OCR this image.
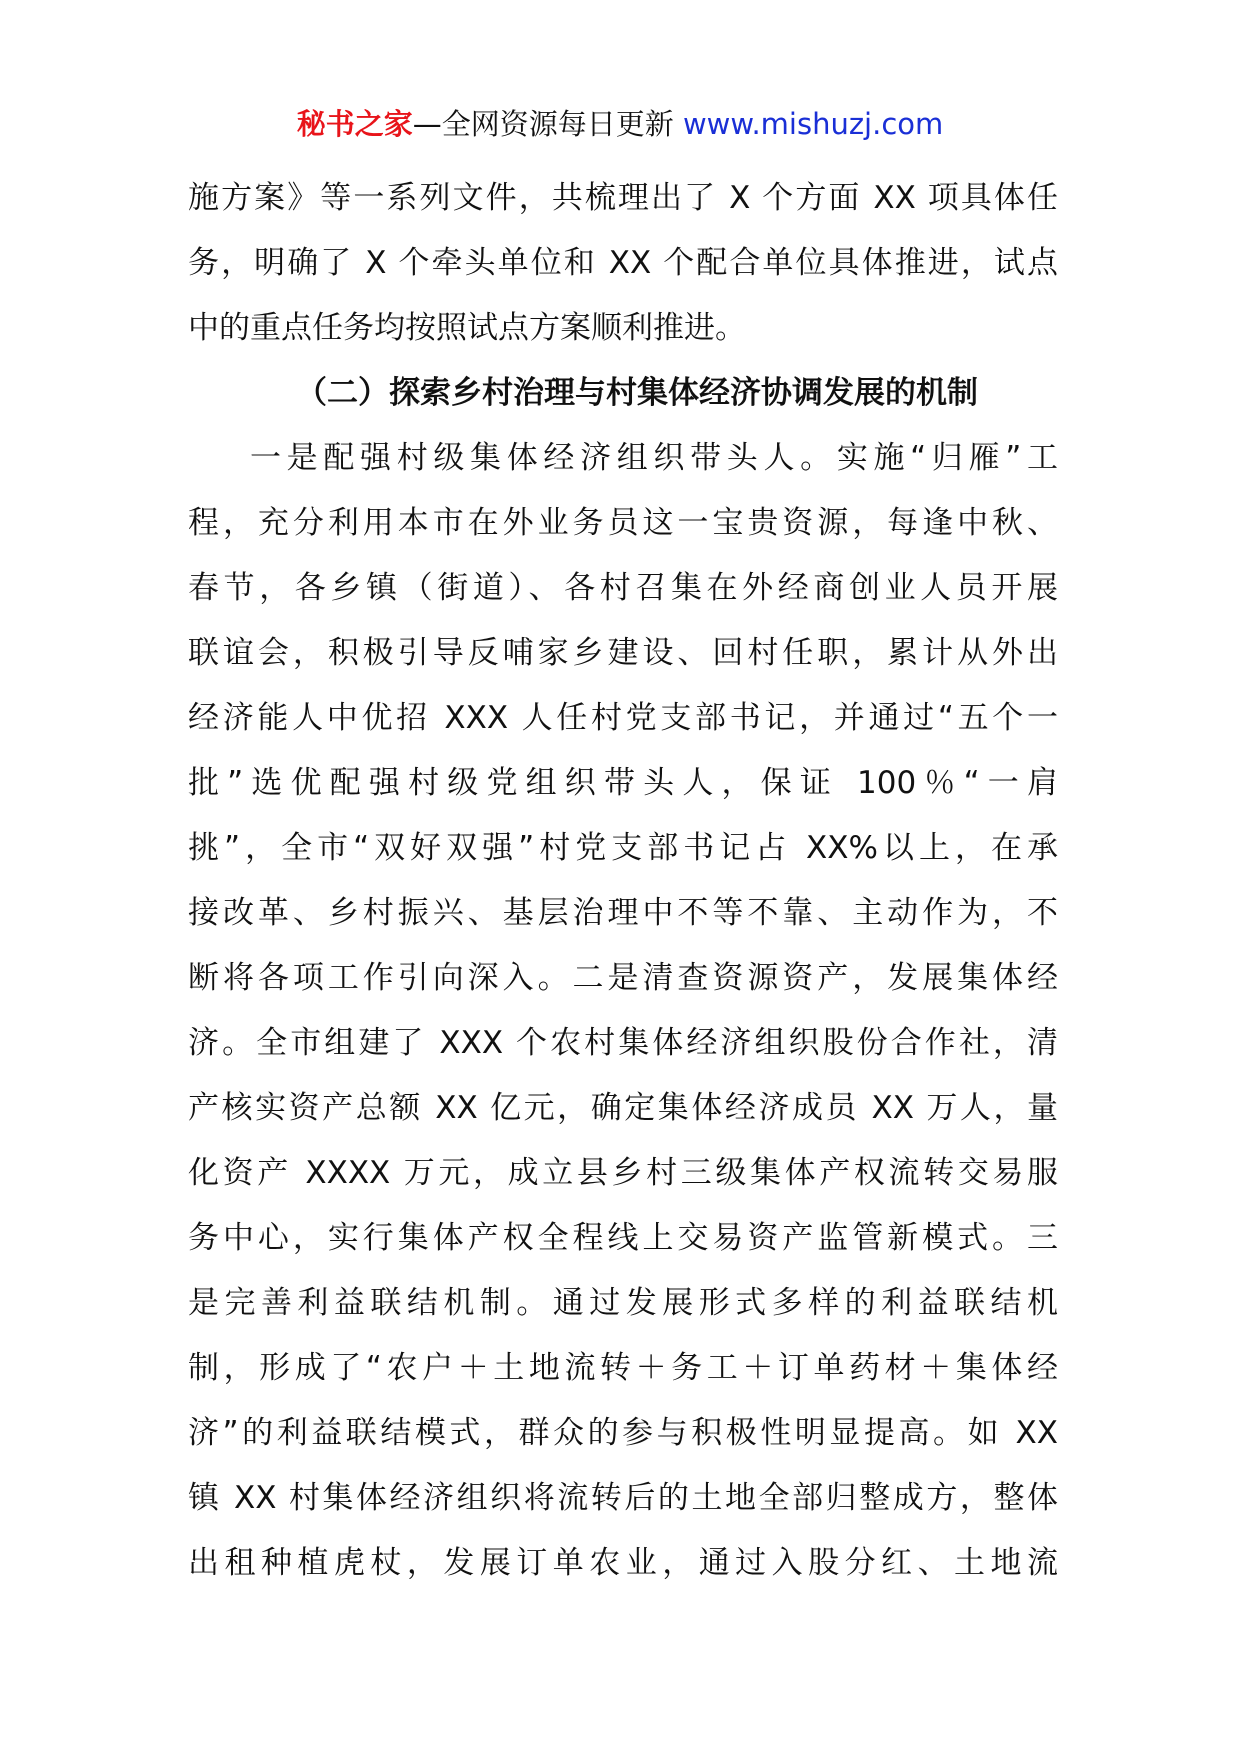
秘书之家—全网资源每日更新 www.mishuzj.com
施方案》等一系列文件，共梳理出了 X 个方面 XX 项具体任
务，明确了 X 个牵头单位和 XX 个配合单位具体推进，试点
中的重点任务均按照试点方案顺利推进。
（二）探索乡村治理与村集体经济协调发展的机制
一是配强村级集体经济组织带头人。实施“归雁”工
程，充分利用本市在外业务员这一宝贵资源，每逢中秋、
春节，各乡镇（街道）、各村召集在外经商创业人员开展
联谊会，积极引导反哺家乡建设、回村任职，累计从外出
经济能人中优招 XXX 人任村党支部书记，并通过“五个一
批”选优配强村级党组织带头人，保证 100％“一肩
挑”，全市“双好双强”村党支部书记占 XX%以上，在承
接改革、乡村振兴、基层治理中不等不靠、主动作为，不
断将各项工作引向深入。二是清查资源资产，发展集体经
济。全市组建了 XXX 个农村集体经济组织股份合作社，清
产核实资产总额 XX 亿元，确定集体经济成员 XX 万人，量
化资产 XXXX 万元，成立县乡村三级集体产权流转交易服
务中心，实行集体产权全程线上交易资产监管新模式。三
是完善利益联结机制。通过发展形式多样的利益联结机
制，形成了“农户＋土地流转＋务工＋订单药材＋集体经
济”的利益联结模式，群众的参与积极性明显提高。如 XX
镇 XX 村集体经济组织将流转后的土地全部归整成方，整体
出租种植虎杖，发展订单农业，通过入股分红、土地流
